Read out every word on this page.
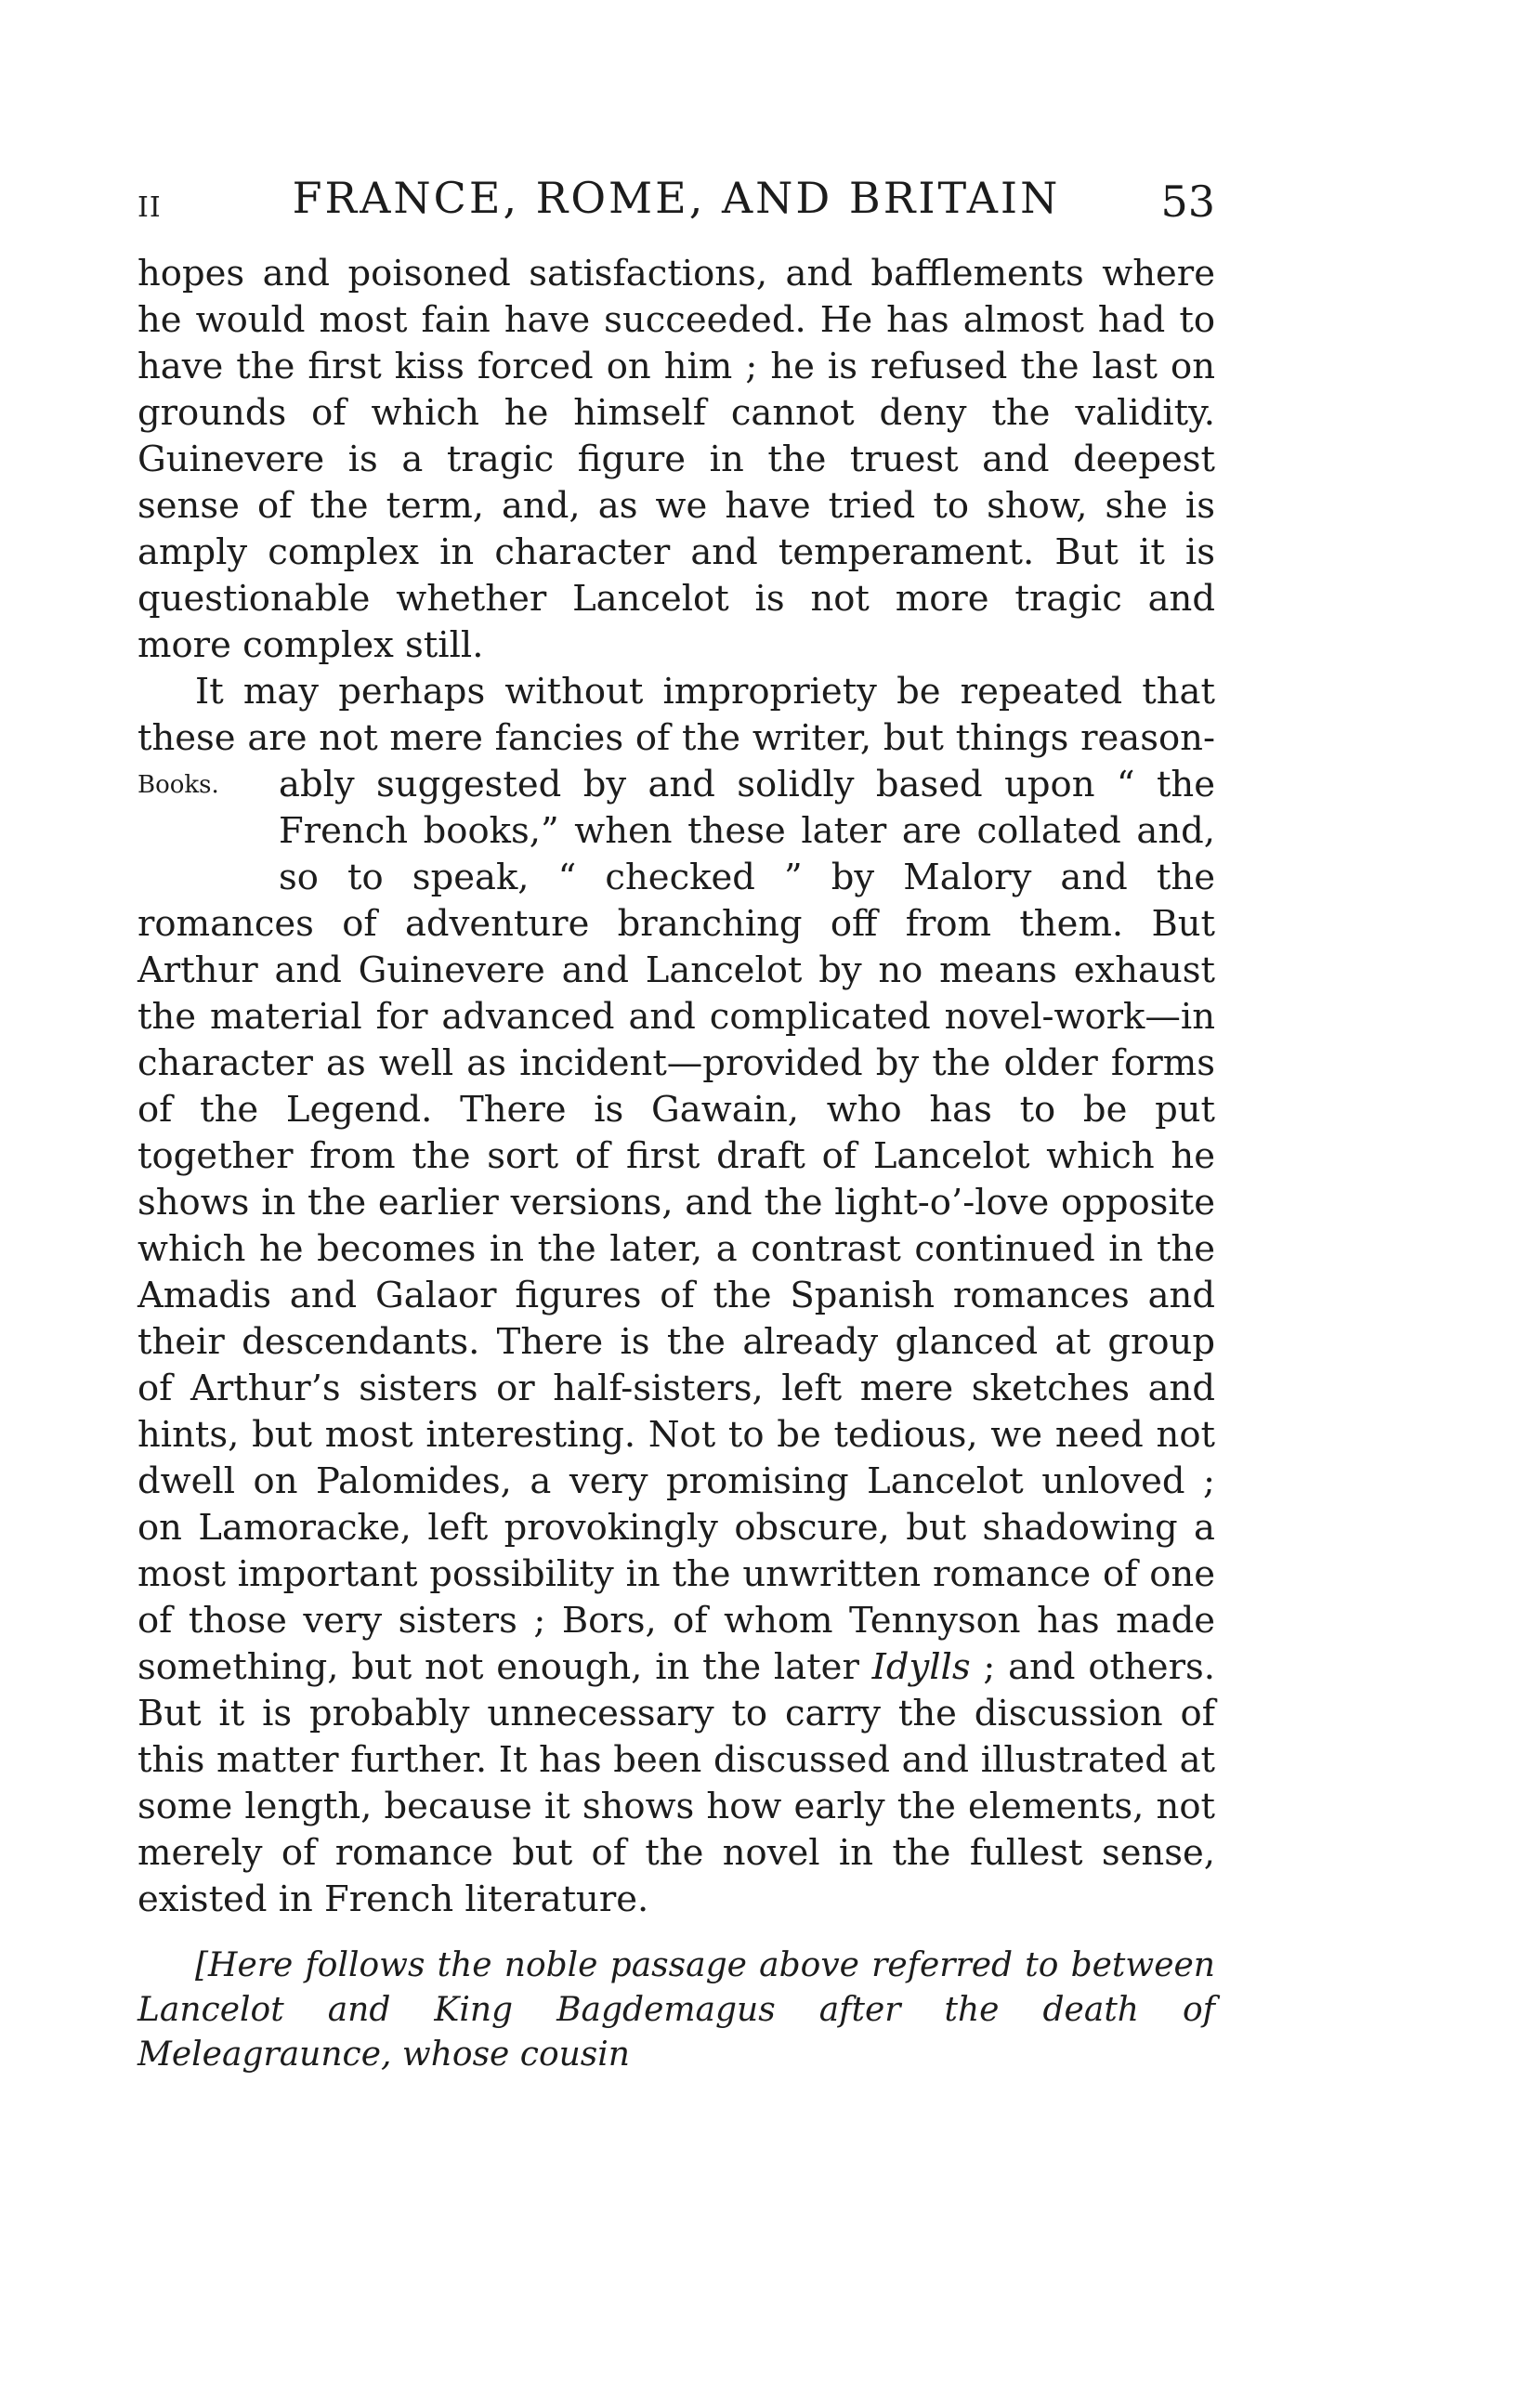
II	FRANCE, ROME, AND BRITAIN	53

hopes and poisoned satisfactions, and bafflements where he would most fain have succeeded. He has almost had to have the first kiss forced on him ; he is refused the last on grounds of which he himself cannot deny the validity. Guinevere is a tragic figure in the truest and deepest sense of the term, and, as we have tried to show, she is amply complex in character and temperament. But it is questionable whether Lancelot is not more tragic and more complex still.

It may perhaps without impropriety be repeated that these are not mere fancies of the writer, but things reason-
Books.	ably suggested by and solidly based upon “ the French books,” when these later are collated and, so to speak, “ checked ” by Malory and the romances of adventure branching off from them. But Arthur and Guinevere and Lancelot by no means exhaust the material for advanced and complicated novel-work—in character as well as incident—provided by the older forms of the Legend. There is Gawain, who has to be put together from the sort of first draft of Lancelot which he shows in the earlier versions, and the light-o’-love opposite which he becomes in the later, a contrast continued in the Amadis and Galaor figures of the Spanish romances and their descendants. There is the already glanced at group of Arthur’s sisters or half-sisters, left mere sketches and hints, but most interesting. Not to be tedious, we need not dwell on Palomides, a very promising Lancelot unloved ; on Lamoracke, left provokingly obscure, but shadowing a most important possibility in the unwritten romance of one of those very sisters ; Bors, of whom Tennyson has made something, but not enough, in the later Idylls ; and others. But it is probably unnecessary to carry the discussion of this matter further. It has been discussed and illustrated at some length, because it shows how early the elements, not merely of romance but of the novel in the fullest sense, existed in French literature.

[Here follows the noble passage above referred to between Lancelot and King Bagdemagus after the death of Meleagraunce, whose cousin
